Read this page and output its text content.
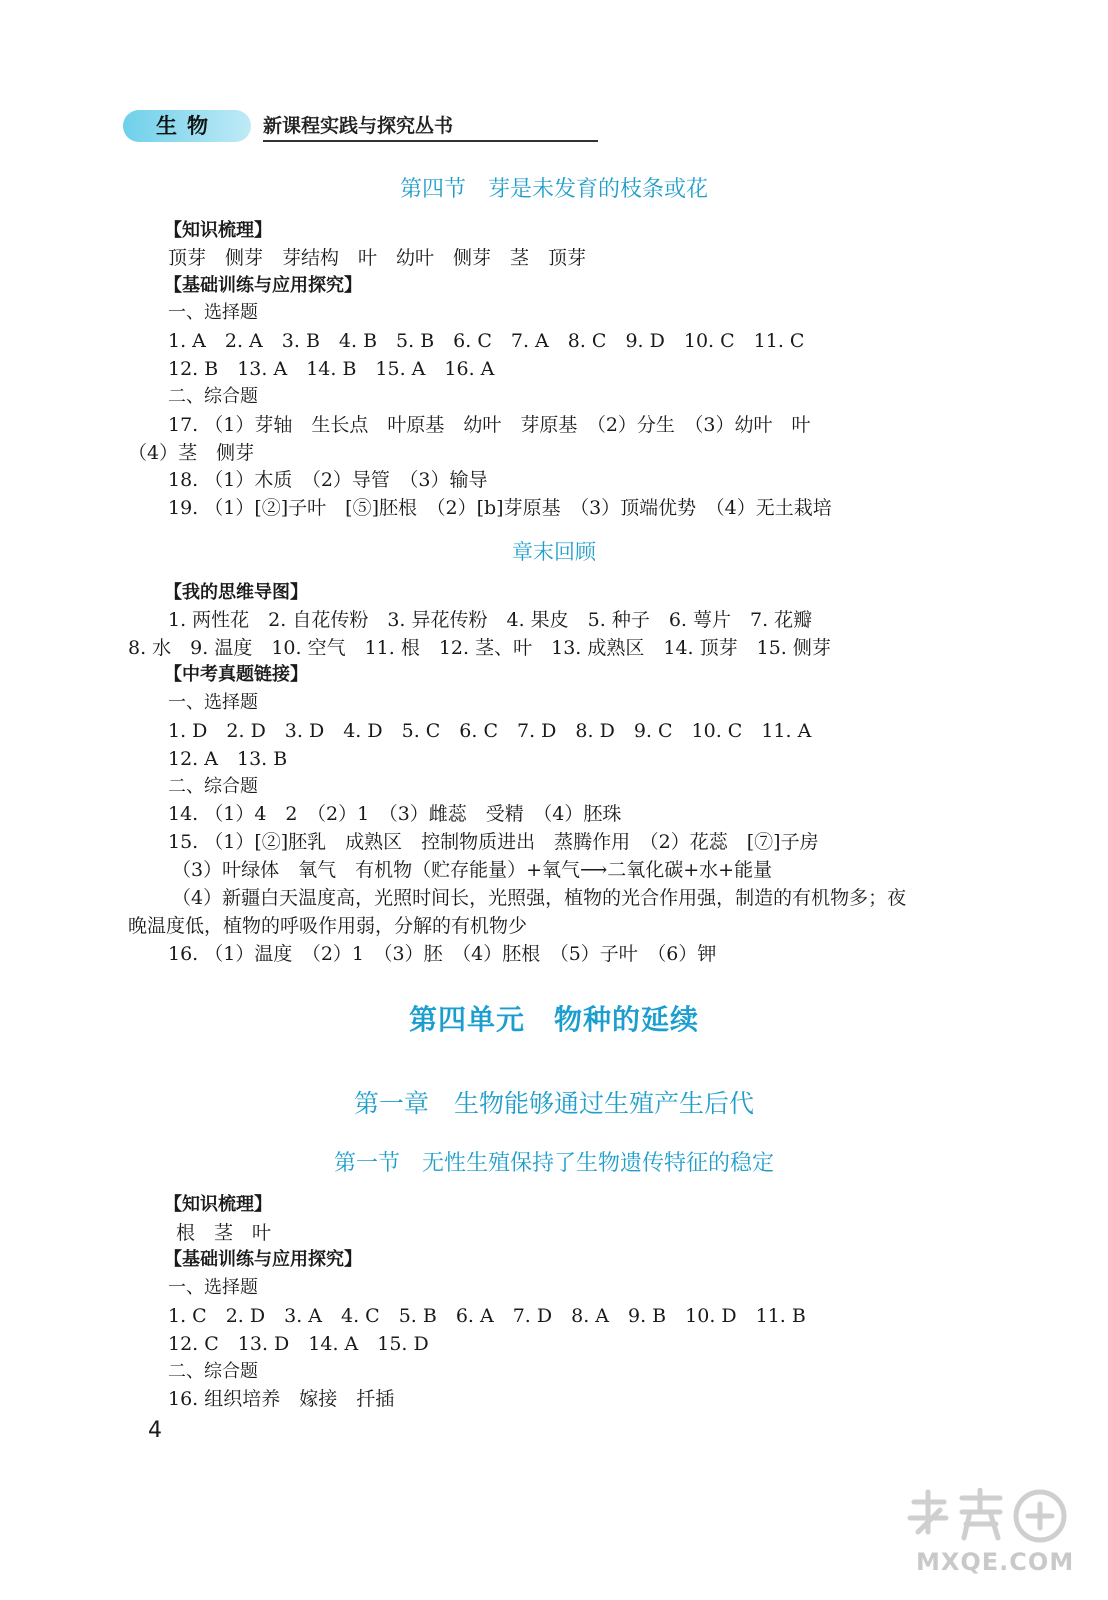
生物	新课程实践与探究丛书
第四节　芽是未发育的枝条或花
【知识梳理】
顶芽　侧芽　芽结构　叶　幼叶　侧芽　茎　顶芽
【基础训练与应用探究】
一、选择题
1. A　2. A　3. B　4. B　5. B　6. C　7. A　8. C　9. D　10. C　11. C
12. B　13. A　14. B　15. A　16. A
二、综合题
17. （1）芽轴　生长点　叶原基　幼叶　芽原基　（2）分生　（3）幼叶　叶
（4）茎　侧芽
18. （1）木质　（2）导管　（3）输导
19. （1）[②]子叶　[⑤]胚根　（2）[b]芽原基　（3）顶端优势　（4）无土栽培
章末回顾
【我的思维导图】
1. 两性花　2. 自花传粉　3. 异花传粉　4. 果皮　5. 种子　6. 萼片　7. 花瓣
8. 水　9. 温度　10. 空气　11. 根　12. 茎、叶　13. 成熟区　14. 顶芽　15. 侧芽
【中考真题链接】
一、选择题
1. D　2. D　3. D　4. D　5. C　6. C　7. D　8. D　9. C　10. C　11. A
12. A　13. B
二、综合题
14. （1）4　2　（2）1　（3）雌蕊　受精　（4）胚珠
15. （1）[②]胚乳　成熟区　控制物质进出　蒸腾作用　（2）花蕊　[⑦]子房
（3）叶绿体　氧气　有机物（贮存能量）+氧气⟶二氧化碳+水+能量
（4）新疆白天温度高，光照时间长，光照强，植物的光合作用强，制造的有机物多；夜
晚温度低，植物的呼吸作用弱，分解的有机物少
16. （1）温度　（2）1　（3）胚　（4）胚根　（5）子叶　（6）钾
第四单元　物种的延续
第一章　生物能够通过生殖产生后代
第一节　无性生殖保持了生物遗传特征的稳定
【知识梳理】
根　茎　叶
【基础训练与应用探究】
一、选择题
1. C　2. D　3. A　4. C　5. B　6. A　7. D　8. A　9. B　10. D　11. B
12. C　13. D　14. A　15. D
二、综合题
16. 组织培养　嫁接　扦插
4
MXQE.COM
